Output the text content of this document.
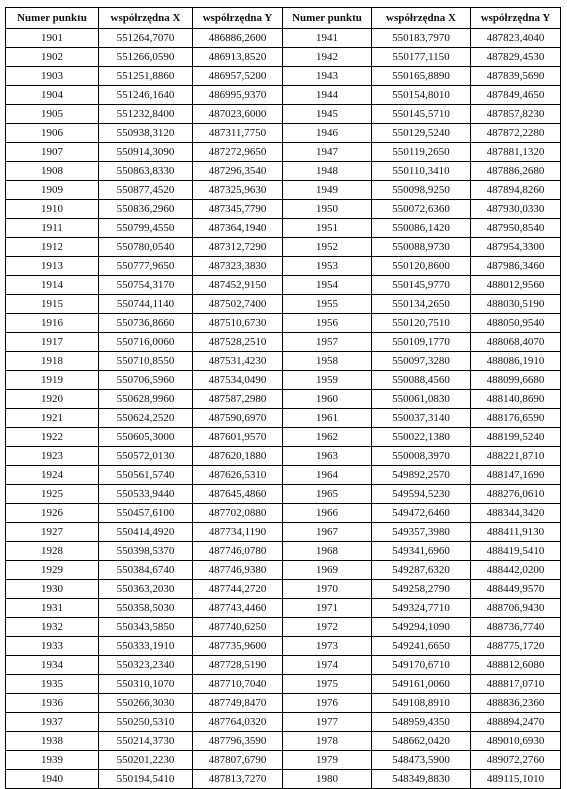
Numer punktu	współrzędna X	współrzędna Y	Numer punktu	współrzędna X	współrzędna Y
1901	551264,7070	486886,2600	1941	550183,7970	487823,4040
1902	551266,0590	486913,8520	1942	550177,1150	487829,4530
1903	551251,8860	486957,5200	1943	550165,8890	487839,5690
1904	551246,1640	486995,9370	1944	550154,8010	487849,4650
1905	551232,8400	487023,6000	1945	550145,5710	487857,8230
1906	550938,3120	487311,7750	1946	550129,5240	487872,2280
1907	550914,3090	487272,9650	1947	550119,2650	487881,1320
1908	550863,8330	487296,3540	1948	550110,3410	487886,2680
1909	550877,4520	487325,9630	1949	550098,9250	487894,8260
1910	550836,2960	487345,7790	1950	550072,6360	487930,0330
1911	550799,4550	487364,1940	1951	550086,1420	487950,8540
1912	550780,0540	487312,7290	1952	550088,9730	487954,3300
1913	550777,9650	487323,3830	1953	550120,8600	487986,3460
1914	550754,3170	487452,9150	1954	550145,9770	488012,9560
1915	550744,1140	487502,7400	1955	550134,2650	488030,5190
1916	550736,8660	487510,6730	1956	550120,7510	488050,9540
1917	550716,0060	487528,2510	1957	550109,1770	488068,4070
1918	550710,8550	487531,4230	1958	550097,3280	488086,1910
1919	550706,5960	487534,0490	1959	550088,4560	488099,6680
1920	550628,9960	487587,2980	1960	550061,0830	488140,8690
1921	550624,2520	487590,6970	1961	550037,3140	488176,6590
1922	550605,3000	487601,9570	1962	550022,1380	488199,5240
1923	550572,0130	487620,1880	1963	550008,3970	488221,8710
1924	550561,5740	487626,5310	1964	549892,2570	488147,1690
1925	550533,9440	487645,4860	1965	549594,5230	488276,0610
1926	550457,6100	487702,0880	1966	549472,6460	488344,3420
1927	550414,4920	487734,1190	1967	549357,3980	488411,9130
1928	550398,5370	487746,0780	1968	549341,6960	488419,5410
1929	550384,6740	487746,9380	1969	549287,6320	488442,0200
1930	550363,2030	487744,2720	1970	549258,2790	488449,9570
1931	550358,5030	487743,4460	1971	549324,7710	488706,9430
1932	550343,5850	487740,6250	1972	549294,1090	488736,7740
1933	550333,1910	487735,9600	1973	549241,6650	488775,1720
1934	550323,2340	487728,5190	1974	549170,6710	488812,6080
1935	550310,1070	487710,7040	1975	549161,0060	488817,0710
1936	550266,3030	487749,8470	1976	549108,8910	488836,2360
1937	550250,5310	487764,0320	1977	548959,4350	488894,2470
1938	550214,3730	487796,3590	1978	548662,0420	489010,6930
1939	550201,2230	487807,6790	1979	548473,5900	489072,2760
1940	550194,5410	487813,7270	1980	548349,8830	489115,1010
